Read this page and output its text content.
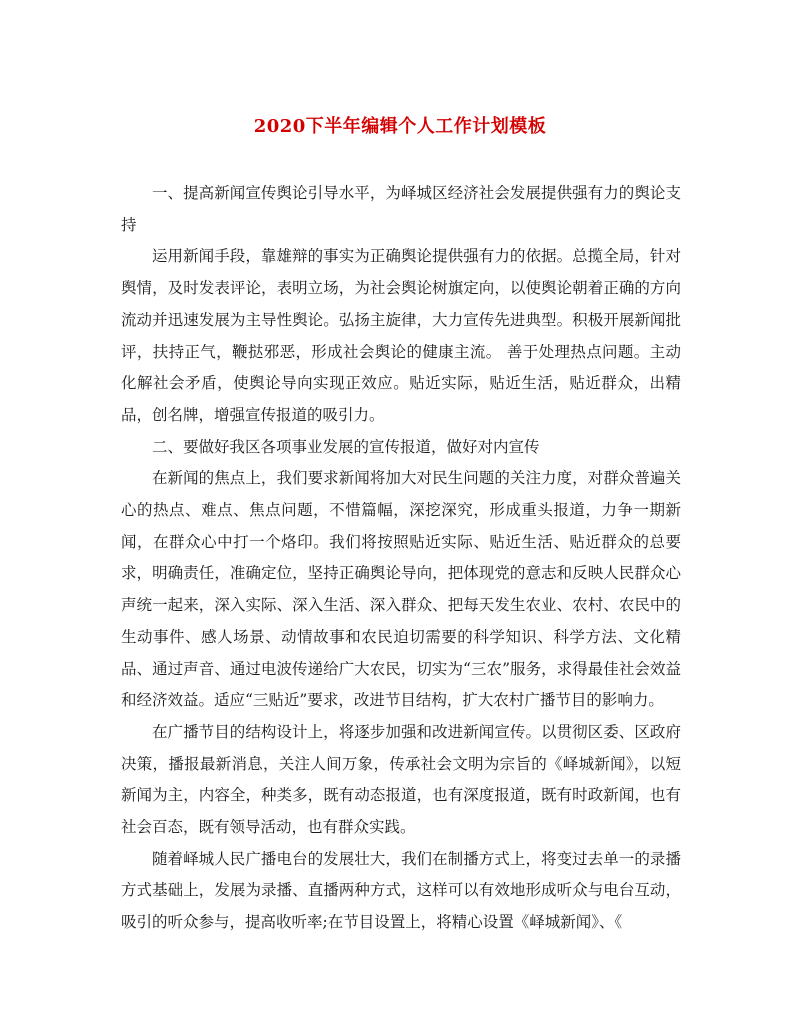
2020下半年编辑个人工作计划模板

一、提高新闻宣传舆论引导水平，为峄城区经济社会发展提供强有力的舆论支持

运用新闻手段，靠雄辩的事实为正确舆论提供强有力的依据。总揽全局，针对舆情，及时发表评论，表明立场，为社会舆论树旗定向，以使舆论朝着正确的方向流动并迅速发展为主导性舆论。弘扬主旋律，大力宣传先进典型。积极开展新闻批评，扶持正气，鞭挞邪恶，形成社会舆论的健康主流。 善于处理热点问题。主动化解社会矛盾，使舆论导向实现正效应。贴近实际，贴近生活，贴近群众，出精品，创名牌，增强宣传报道的吸引力。

二、要做好我区各项事业发展的宣传报道，做好对内宣传

在新闻的焦点上，我们要求新闻将加大对民生问题的关注力度，对群众普遍关心的热点、难点、焦点问题，不惜篇幅，深挖深究，形成重头报道，力争一期新闻，在群众心中打一个烙印。我们将按照贴近实际、贴近生活、贴近群众的总要求，明确责任，准确定位，坚持正确舆论导向，把体现党的意志和反映人民群众心声统一起来，深入实际、深入生活、深入群众、把每天发生农业、农村、农民中的生动事件、感人场景、动情故事和农民迫切需要的科学知识、科学方法、文化精品、通过声音、通过电波传递给广大农民，切实为“三农”服务，求得最佳社会效益和经济效益。适应“三贴近”要求，改进节目结构，扩大农村广播节目的影响力。

在广播节目的结构设计上，将逐步加强和改进新闻宣传。以贯彻区委、区政府决策，播报最新消息，关注人间万象，传承社会文明为宗旨的《峄城新闻》，以短新闻为主，内容全，种类多，既有动态报道，也有深度报道，既有时政新闻，也有社会百态，既有领导活动，也有群众实践。

随着峄城人民广播电台的发展壮大，我们在制播方式上，将变过去单一的录播方式基础上，发展为录播、直播两种方式，这样可以有效地形成听众与电台互动，吸引的听众参与，提高收听率;在节目设置上，将精心设置《峄城新闻》、《
